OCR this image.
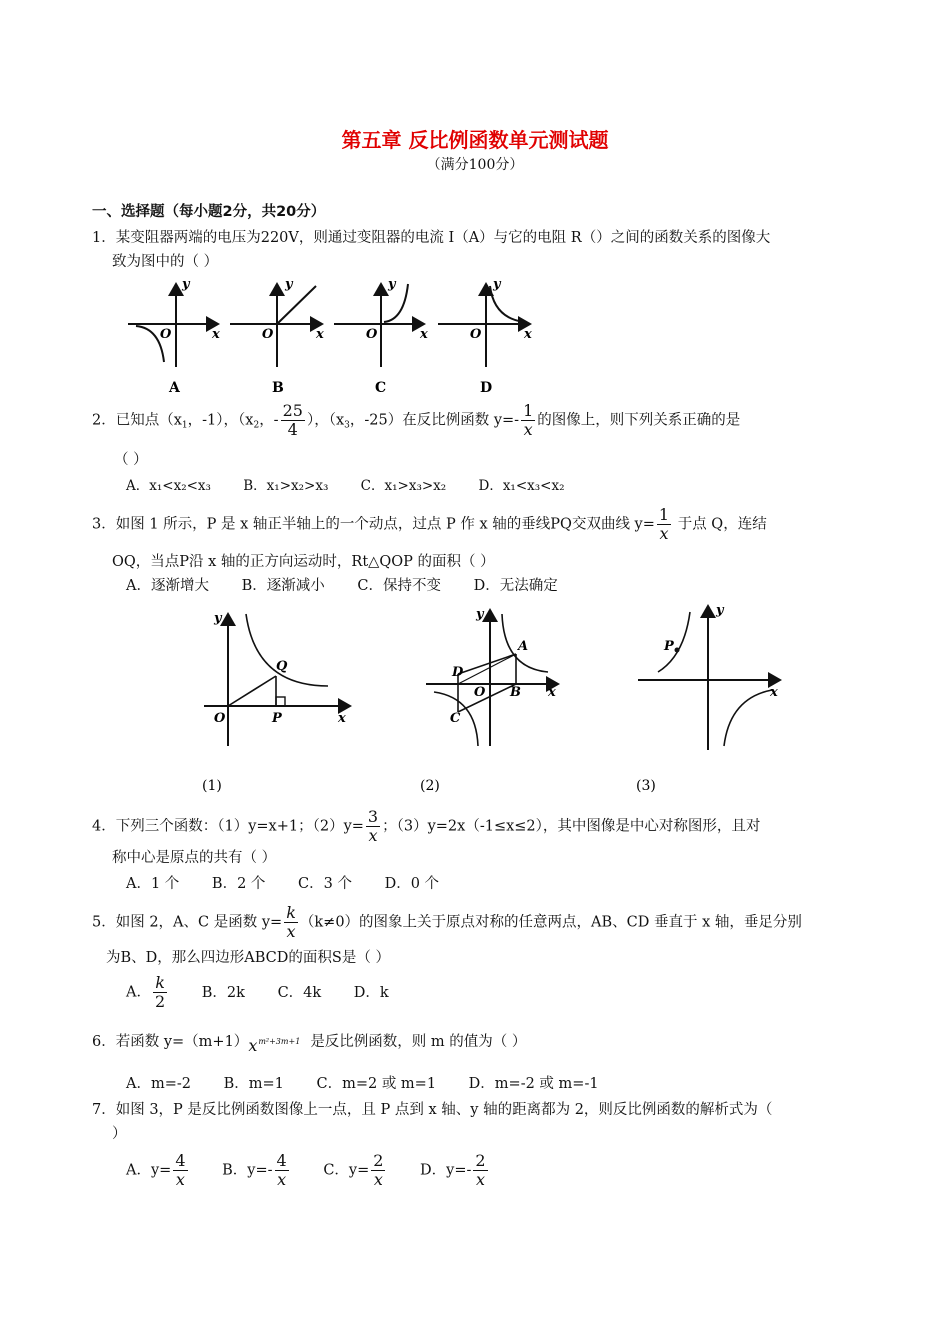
第五章 反比例函数单元测试题
（满分100分）
一、选择题（每小题2分，共20分）
1．某变阻器两端的电压为220V，则通过变阻器的电流 I（A）与它的电阻 R（）之间的函数关系的图像大
致为图中的（ ）
y
O	x
A
y
O	x
B
y
O	x
C
y
O	x
D
2．已知点（$x_1$，-1），（$x_2$，- $\frac{25}{4}$ ），（$x_3$，-25）在反比例函数 $y=- \frac{1}{x}$ 的图像上，则下列关系正确的是
（ ）
A．x₁<x₂<x₃ B．x₁>x₂>x₃ C．x₁>x₃>x₂ D．x₁<x₃<x₂
3．如图 1 所示，P 是 x 轴正半轴上的一个动点，过点 P 作 x 轴的垂线PQ交双曲线 $y= \frac{1}{x}$ 于点 Q，连结
OQ，当点P沿 x 轴的正方向运动时，Rt△QOP 的面积（ ）
A．逐渐增大 B．逐渐减小 C．保持不变 D．无法确定
y
Q
O	P	x
(1)
y
A
D
O B
C
x
(2)
P
y
x
(3)
4．下列三个函数：（1）y=x+1；$(2)y= \frac{3}{x}$ ；（3）y=2x（-1≤x≤2），其中图像是中心对称图形，且对
称中心是原点的共有（ ）
A．1 个 B．2 个 C．3 个 D．0 个
5．如图 2，A、C 是函数 $y= \frac{k}{x} (k\ne 0)$的图象上关于原点对称的任意两点，AB、CD 垂直于 x 轴，垂足分别
为B、D，那么四边形ABCD的面积S是（ ）
A． $\frac{k}{2}$ B．2k C．4k D．k
6．若函数 y=（m+1） x m²+3m+1 是反比例函数，则 m 的值为（ ）
A．m=-2 B．m=1 C．m=2 或 m=1 D．m=-2 或 m=-1
7．如图 3，P 是反比例函数图像上一点，且 P 点到 x 轴、y 轴的距离都为 2，则反比例函数的解析式为（
）
A．$y= \frac{4}{x}$ B．$y=- \frac{4}{x}$ C．$y= \frac{2}{x}$ D．$y=- \frac{2}{x}$
